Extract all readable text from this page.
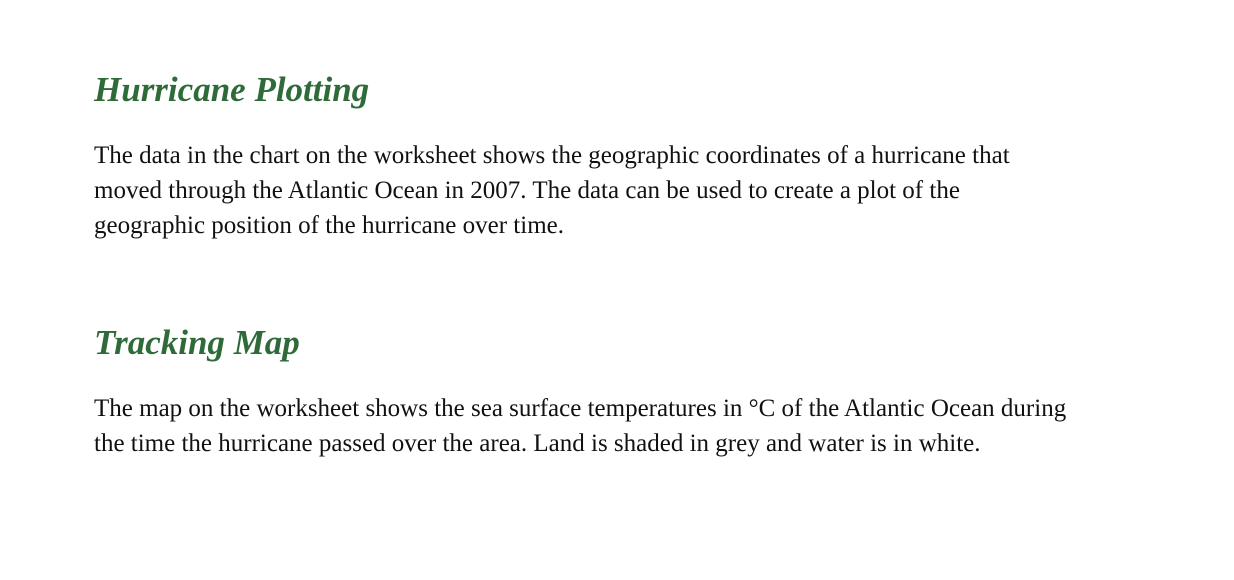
Hurricane Plotting

The data in the chart on the worksheet shows the geographic coordinates of a hurricane that
moved through the Atlantic Ocean in 2007. The data can be used to create a plot of the
geographic position of the hurricane over time.

Tracking Map

The map on the worksheet shows the sea surface temperatures in °C of the Atlantic Ocean during
the time the hurricane passed over the area. Land is shaded in grey and water is in white.
